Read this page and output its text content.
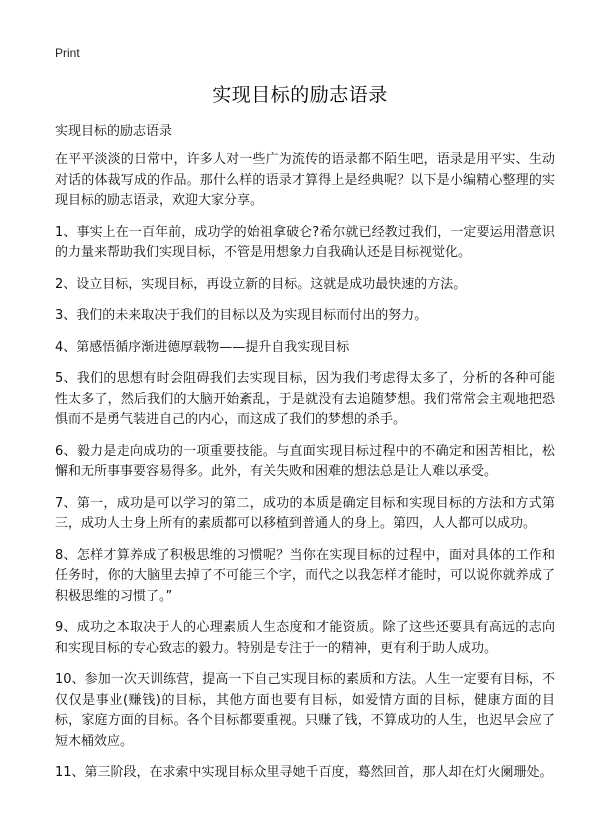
Print
实现目标的励志语录
实现目标的励志语录

在平平淡淡的日常中，许多人对一些广为流传的语录都不陌生吧，语录是用平实、生动对话的体裁写成的作品。那什么样的语录才算得上是经典呢？以下是小编精心整理的实现目标的励志语录，欢迎大家分享。

1、事实上在一百年前，成功学的始祖拿破仑?希尔就已经教过我们，一定要运用潜意识的力量来帮助我们实现目标，不管是用想象力自我确认还是目标视觉化。

2、设立目标，实现目标，再设立新的目标。这就是成功最快速的方法。

3、我们的未来取决于我们的目标以及为实现目标而付出的努力。

4、第感悟循序渐进德厚载物——提升自我实现目标

5、我们的思想有时会阻碍我们去实现目标，因为我们考虑得太多了，分析的各种可能性太多了，然后我们的大脑开始紊乱，于是就没有去追随梦想。我们常常会主观地把恐惧而不是勇气装进自己的内心，而这成了我们的梦想的杀手。

6、毅力是走向成功的一项重要技能。与直面实现目标过程中的不确定和困苦相比，松懈和无所事事要容易得多。此外，有关失败和困难的想法总是让人难以承受。

7、第一，成功是可以学习的第二，成功的本质是确定目标和实现目标的方法和方式第三，成功人士身上所有的素质都可以移植到普通人的身上。第四，人人都可以成功。

8、怎样才算养成了积极思维的习惯呢？当你在实现目标的过程中，面对具体的工作和任务时，你的大脑里去掉了不可能三个字，而代之以我怎样才能时，可以说你就养成了积极思维的习惯了。”

9、成功之本取决于人的心理素质人生态度和才能资质。除了这些还要具有高远的志向和实现目标的专心致志的毅力。特别是专注于一的精神，更有利于助人成功。

10、参加一次天训练营，提高一下自己实现目标的素质和方法。人生一定要有目标，不仅仅是事业(赚钱)的目标，其他方面也要有目标，如爱情方面的目标，健康方面的目标，家庭方面的目标。各个目标都要重视。只赚了钱，不算成功的人生，也迟早会应了短木桶效应。

11、第三阶段，在求索中实现目标众里寻她千百度，蓦然回首，那人却在灯火阑珊处。
